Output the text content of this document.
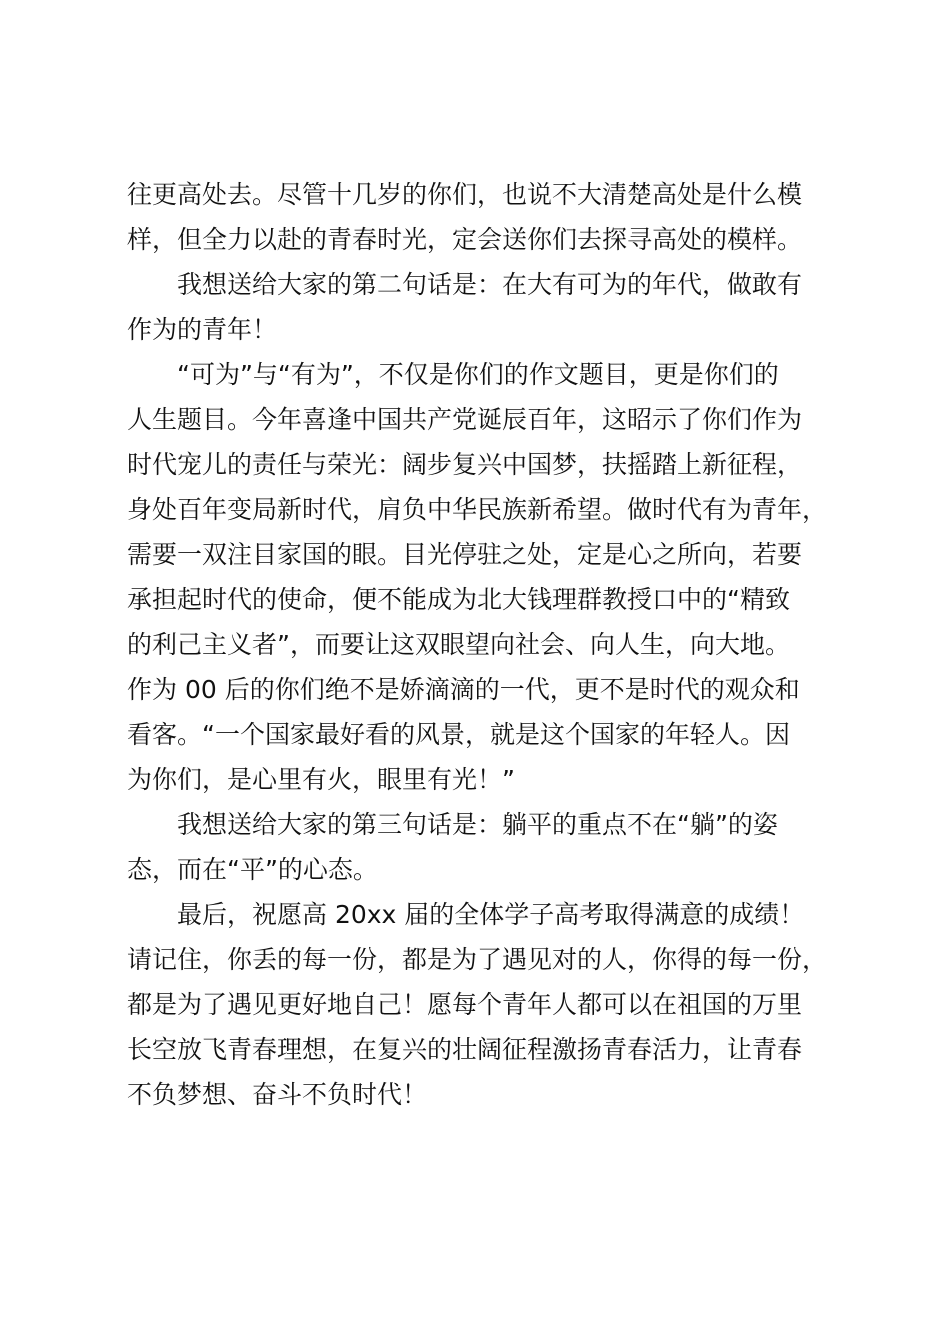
往更高处去。尽管十几岁的你们，也说不大清楚高处是什么模
样，但全力以赴的青春时光，定会送你们去探寻高处的模样。
我想送给大家的第二句话是：在大有可为的年代，做敢有
作为的青年！
“可为”与“有为”，不仅是你们的作文题目，更是你们的
人生题目。今年喜逢中国共产党诞辰百年，这昭示了你们作为
时代宠儿的责任与荣光：阔步复兴中国梦，扶摇踏上新征程，
身处百年变局新时代，肩负中华民族新希望。做时代有为青年，
需要一双注目家国的眼。目光停驻之处，定是心之所向，若要
承担起时代的使命，便不能成为北大钱理群教授口中的“精致
的利己主义者”，而要让这双眼望向社会、向人生，向大地。
作为 00 后的你们绝不是娇滴滴的一代，更不是时代的观众和
看客。“一个国家最好看的风景，就是这个国家的年轻人。因
为你们，是心里有火，眼里有光！”
我想送给大家的第三句话是：躺平的重点不在“躺”的姿
态，而在“平”的心态。
最后，祝愿高 20xx 届的全体学子高考取得满意的成绩！
请记住，你丢的每一份，都是为了遇见对的人，你得的每一份，
都是为了遇见更好地自己！愿每个青年人都可以在祖国的万里
长空放飞青春理想，在复兴的壮阔征程激扬青春活力，让青春
不负梦想、奋斗不负时代！
